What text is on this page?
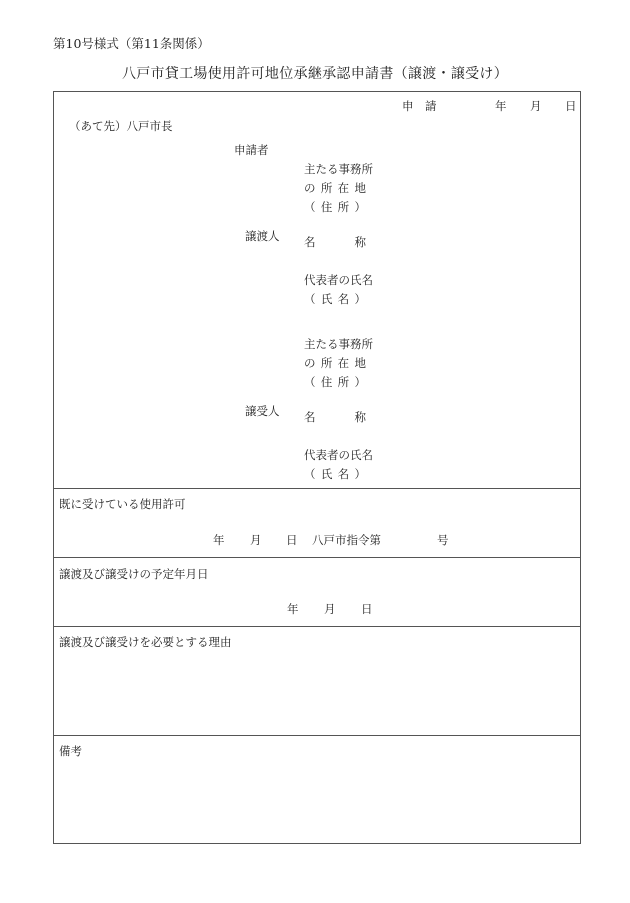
第10号様式（第11条関係）
八戸市貸工場使用許可地位承継承認申請書（譲渡・譲受け）
申　請	年 月 日
（あて先）八戸市長
申請者
主たる事務所
の 所 在 地
（ 住 所 ）
譲渡人 名	称
代表者の氏名
（ 氏 名 ）
主たる事務所
の 所 在 地
（ 住 所 ）
譲受人 名	称
代表者の氏名
（ 氏 名 ）
既に受けている使用許可
年 月 日 八戸市指令第	号
譲渡及び譲受けの予定年月日
年 月 日
譲渡及び譲受けを必要とする理由
備考
